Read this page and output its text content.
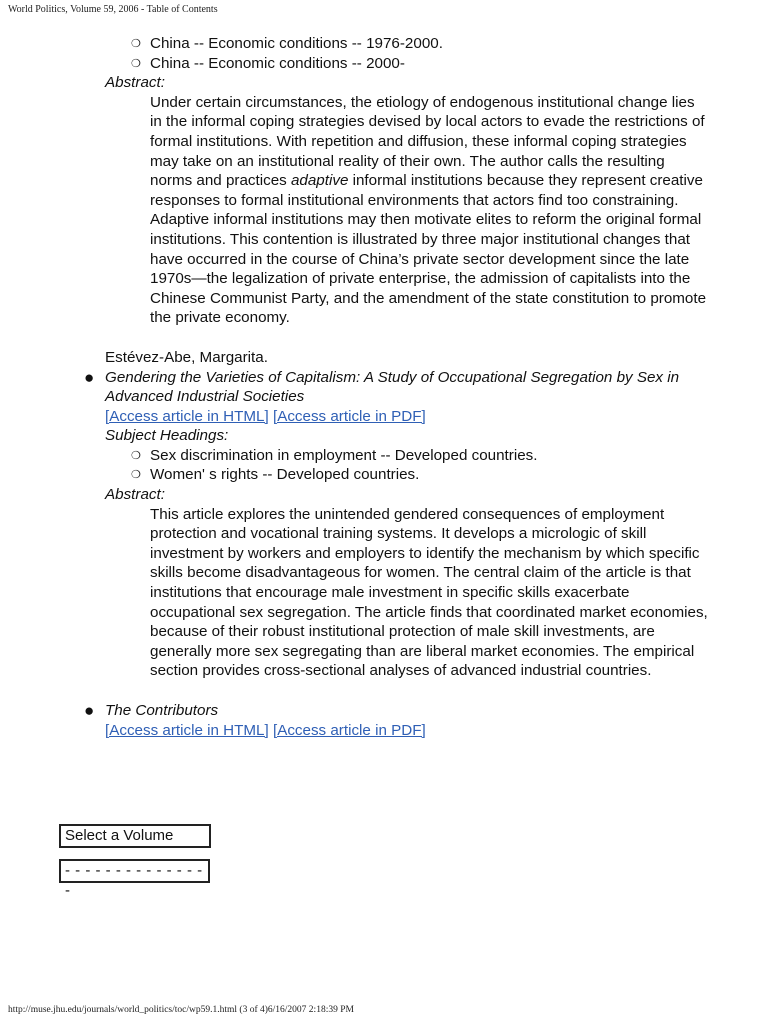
World Politics, Volume 59, 2006 - Table of Contents
❍ China -- Economic conditions -- 1976-2000.
❍ China -- Economic conditions -- 2000-
Abstract:

Under certain circumstances, the etiology of endogenous institutional change lies in the informal coping strategies devised by local actors to evade the restrictions of formal institutions. With repetition and diffusion, these informal coping strategies may take on an institutional reality of their own. The author calls the resulting norms and practices adaptive informal institutions because they represent creative responses to formal institutional environments that actors find too constraining. Adaptive informal institutions may then motivate elites to reform the original formal institutions. This contention is illustrated by three major institutional changes that have occurred in the course of China’s private sector development since the late 1970s—the legalization of private enterprise, the admission of capitalists into the Chinese Communist Party, and the amendment of the state constitution to promote the private economy.

Estévez-Abe, Margarita.
● Gendering the Varieties of Capitalism: A Study of Occupational Segregation by Sex in Advanced Industrial Societies
[Access article in HTML] [Access article in PDF]
Subject Headings:
❍ Sex discrimination in employment -- Developed countries.
❍ Women' s rights -- Developed countries.
Abstract:

This article explores the unintended gendered consequences of employment protection and vocational training systems. It develops a micrologic of skill investment by workers and employers to identify the mechanism by which specific skills become disadvantageous for women. The central claim of the article is that institutions that encourage male investment in specific skills exacerbate occupational sex segregation. The article finds that coordinated market economies, because of their robust institutional protection of male skill investments, are generally more sex segregating than are liberal market economies. The empirical section provides cross-sectional analyses of advanced industrial countries.

● The Contributors
[Access article in HTML] [Access article in PDF]
Select a Volume
- - - - - - - - - - - - - - -
http://muse.jhu.edu/journals/world_politics/toc/wp59.1.html (3 of 4)6/16/2007 2:18:39 PM
